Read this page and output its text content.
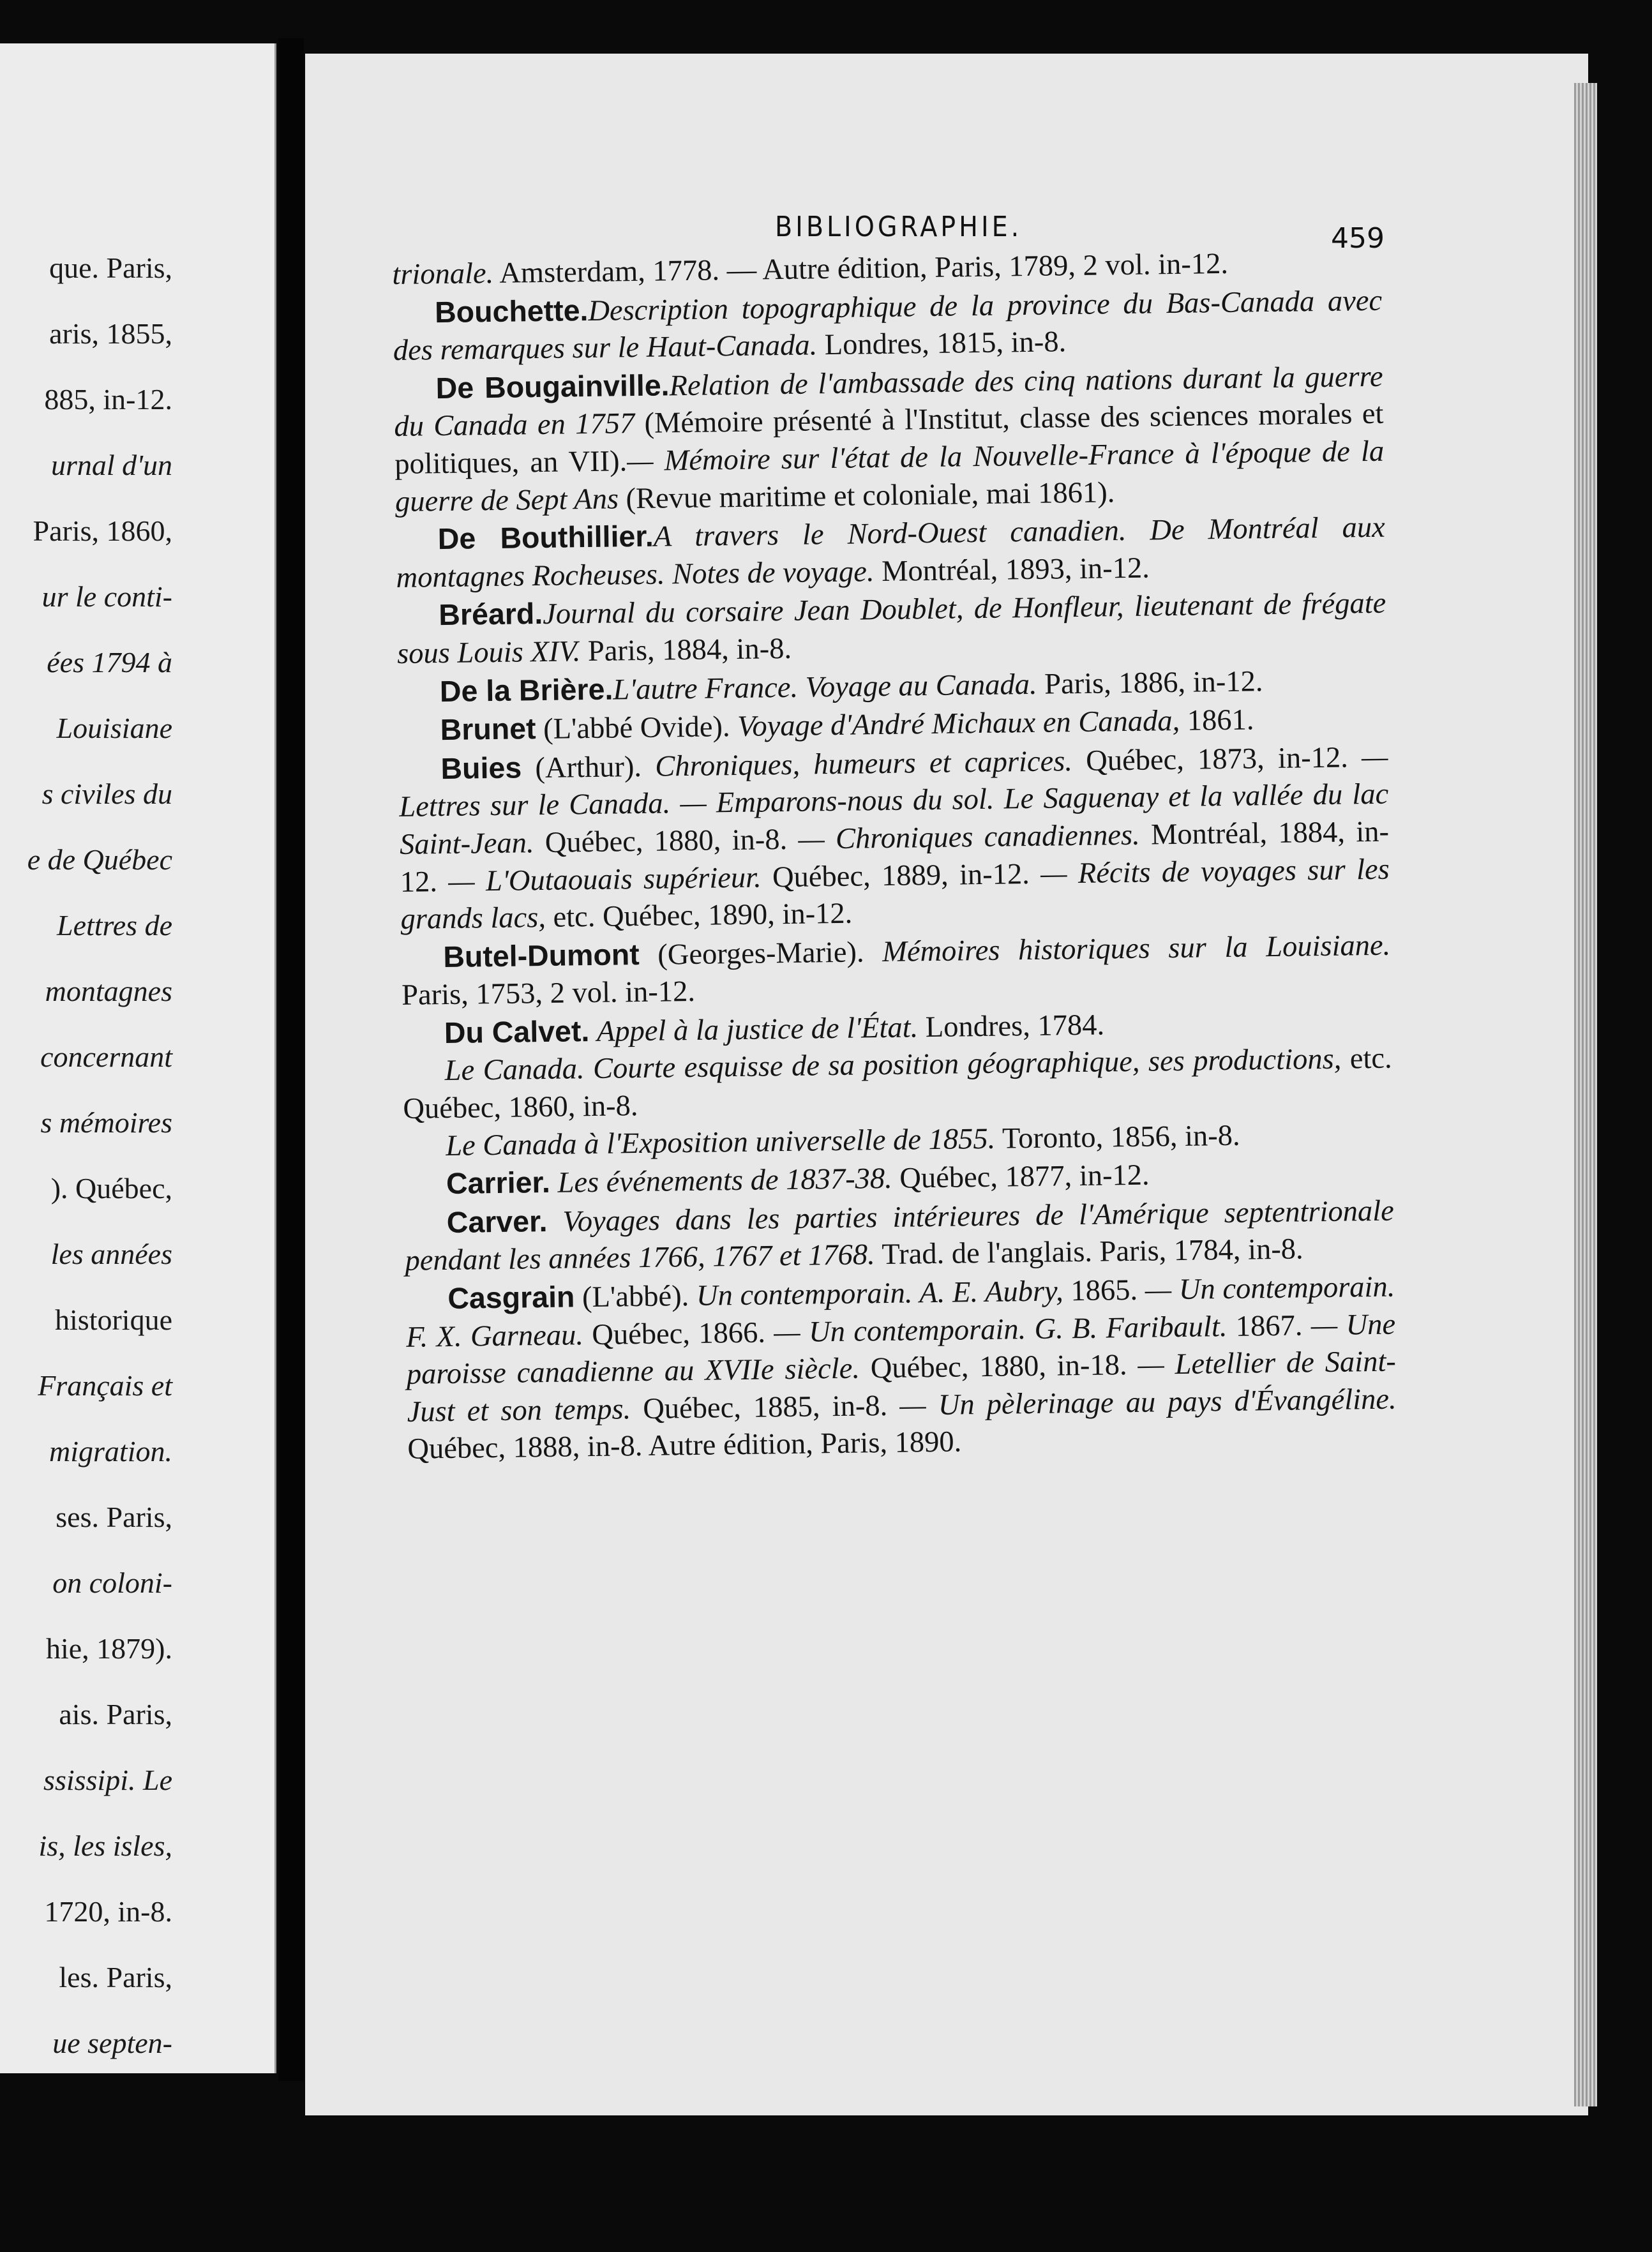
que. Paris,
aris, 1855,
885, in-12.
urnal d'un
Paris, 1860,
ur le conti-
ées 1794 à
Louisiane
s civiles du
e de Québec
Lettres de
montagnes
concernant
s mémoires
). Québec,
les années
historique
Français et
migration.
ses. Paris,
on coloni-
hie, 1879).
ais. Paris,
ssissipi. Le
is, les isles,
1720, in-8.
les. Paris,
ue septen-
BIBLIOGRAPHIE.	459

trionale. Amsterdam, 1778. — Autre édition, Paris, 1789, 2 vol. in-12.

Bouchette.Description topographique de la province du Bas-Canada avec des remarques sur le Haut-Canada. Londres, 1815, in-8.

De Bougainville.Relation de l'ambassade des cinq nations durant la guerre du Canada en 1757 (Mémoire présenté à l'Institut, classe des sciences morales et politiques, an VII).— Mémoire sur l'état de la Nouvelle-France à l'époque de la guerre de Sept Ans (Revue maritime et coloniale, mai 1861).

De Bouthillier.A travers le Nord-Ouest canadien. De Montréal aux montagnes Rocheuses. Notes de voyage. Montréal, 1893, in-12.

Bréard.Journal du corsaire Jean Doublet, de Honfleur, lieutenant de frégate sous Louis XIV. Paris, 1884, in-8.

De la Brière.L'autre France. Voyage au Canada. Paris, 1886, in-12.

Brunet (L'abbé Ovide). Voyage d'André Michaux en Canada, 1861.

Buies (Arthur). Chroniques, humeurs et caprices. Québec, 1873, in-12. — Lettres sur le Canada. — Emparons-nous du sol. Le Saguenay et la vallée du lac Saint-Jean. Québec, 1880, in-8. — Chroniques canadiennes. Montréal, 1884, in-12. — L'Outaouais supérieur. Québec, 1889, in-12. — Récits de voyages sur les grands lacs, etc. Québec, 1890, in-12.

Butel-Dumont (Georges-Marie). Mémoires historiques sur la Louisiane. Paris, 1753, 2 vol. in-12.

Du Calvet. Appel à la justice de l'État. Londres, 1784.

Le Canada. Courte esquisse de sa position géographique, ses productions, etc. Québec, 1860, in-8.

Le Canada à l'Exposition universelle de 1855. Toronto, 1856, in-8.

Carrier. Les événements de 1837-38. Québec, 1877, in-12.

Carver. Voyages dans les parties intérieures de l'Amérique septentrionale pendant les années 1766, 1767 et 1768. Trad. de l'anglais. Paris, 1784, in-8.

Casgrain (L'abbé). Un contemporain. A. E. Aubry, 1865. — Un contemporain. F. X. Garneau. Québec, 1866. — Un contemporain. G. B. Faribault. 1867. — Une paroisse canadienne au XVIIe siècle. Québec, 1880, in-18. — Letellier de Saint-Just et son temps. Québec, 1885, in-8. — Un pèlerinage au pays d'Évangéline. Québec, 1888, in-8. Autre édition, Paris, 1890.
